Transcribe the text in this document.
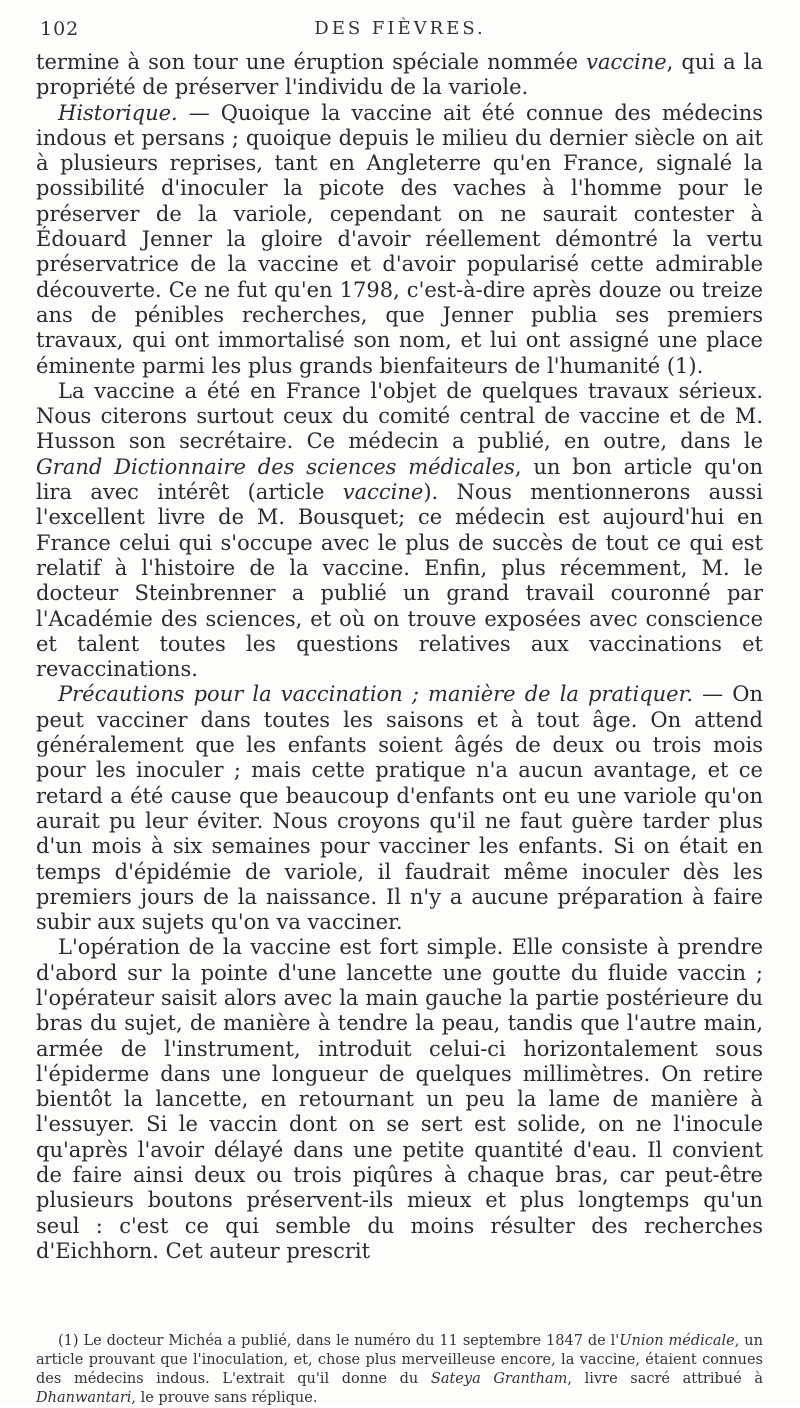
102	DES FIÈVRES.

termine à son tour une éruption spéciale nommée vaccine, qui a la propriété de préserver l'individu de la variole.

Historique. — Quoique la vaccine ait été connue des médecins indous et persans ; quoique depuis le milieu du dernier siècle on ait à plusieurs reprises, tant en Angleterre qu'en France, signalé la possibilité d'inoculer la picote des vaches à l'homme pour le préserver de la variole, cependant on ne saurait contester à Édouard Jenner la gloire d'avoir réellement démontré la vertu préservatrice de la vaccine et d'avoir popularisé cette admirable découverte. Ce ne fut qu'en 1798, c'est-à-dire après douze ou treize ans de pénibles recherches, que Jenner publia ses premiers travaux, qui ont immortalisé son nom, et lui ont assigné une place éminente parmi les plus grands bienfaiteurs de l'humanité (1).

La vaccine a été en France l'objet de quelques travaux sérieux. Nous citerons surtout ceux du comité central de vaccine et de M. Husson son secrétaire. Ce médecin a publié, en outre, dans le Grand Dictionnaire des sciences médicales, un bon article qu'on lira avec intérêt (article vaccine). Nous mentionnerons aussi l'excellent livre de M. Bousquet; ce médecin est aujourd'hui en France celui qui s'occupe avec le plus de succès de tout ce qui est relatif à l'histoire de la vaccine. Enfin, plus récemment, M. le docteur Steinbrenner a publié un grand travail couronné par l'Académie des sciences, et où on trouve exposées avec conscience et talent toutes les questions relatives aux vaccinations et revaccinations.

Précautions pour la vaccination ; manière de la pratiquer. — On peut vacciner dans toutes les saisons et à tout âge. On attend généralement que les enfants soient âgés de deux ou trois mois pour les inoculer ; mais cette pratique n'a aucun avantage, et ce retard a été cause que beaucoup d'enfants ont eu une variole qu'on aurait pu leur éviter. Nous croyons qu'il ne faut guère tarder plus d'un mois à six semaines pour vacciner les enfants. Si on était en temps d'épidémie de variole, il faudrait même inoculer dès les premiers jours de la naissance. Il n'y a aucune préparation à faire subir aux sujets qu'on va vacciner.

L'opération de la vaccine est fort simple. Elle consiste à prendre d'abord sur la pointe d'une lancette une goutte du fluide vaccin ; l'opérateur saisit alors avec la main gauche la partie postérieure du bras du sujet, de manière à tendre la peau, tandis que l'autre main, armée de l'instrument, introduit celui-ci horizontalement sous l'épiderme dans une longueur de quelques millimètres. On retire bientôt la lancette, en retournant un peu la lame de manière à l'essuyer. Si le vaccin dont on se sert est solide, on ne l'inocule qu'après l'avoir délayé dans une petite quantité d'eau. Il convient de faire ainsi deux ou trois piqûres à chaque bras, car peut-être plusieurs boutons préservent-ils mieux et plus longtemps qu'un seul : c'est ce qui semble du moins résulter des recherches d'Eichhorn. Cet auteur prescrit

(1) Le docteur Michéa a publié, dans le numéro du 11 septembre 1847 de l'Union médicale, un article prouvant que l'inoculation, et, chose plus merveilleuse encore, la vaccine, étaient connues des médecins indous. L'extrait qu'il donne du Sateya Grantham, livre sacré attribué à Dhanwantari, le prouve sans réplique.
